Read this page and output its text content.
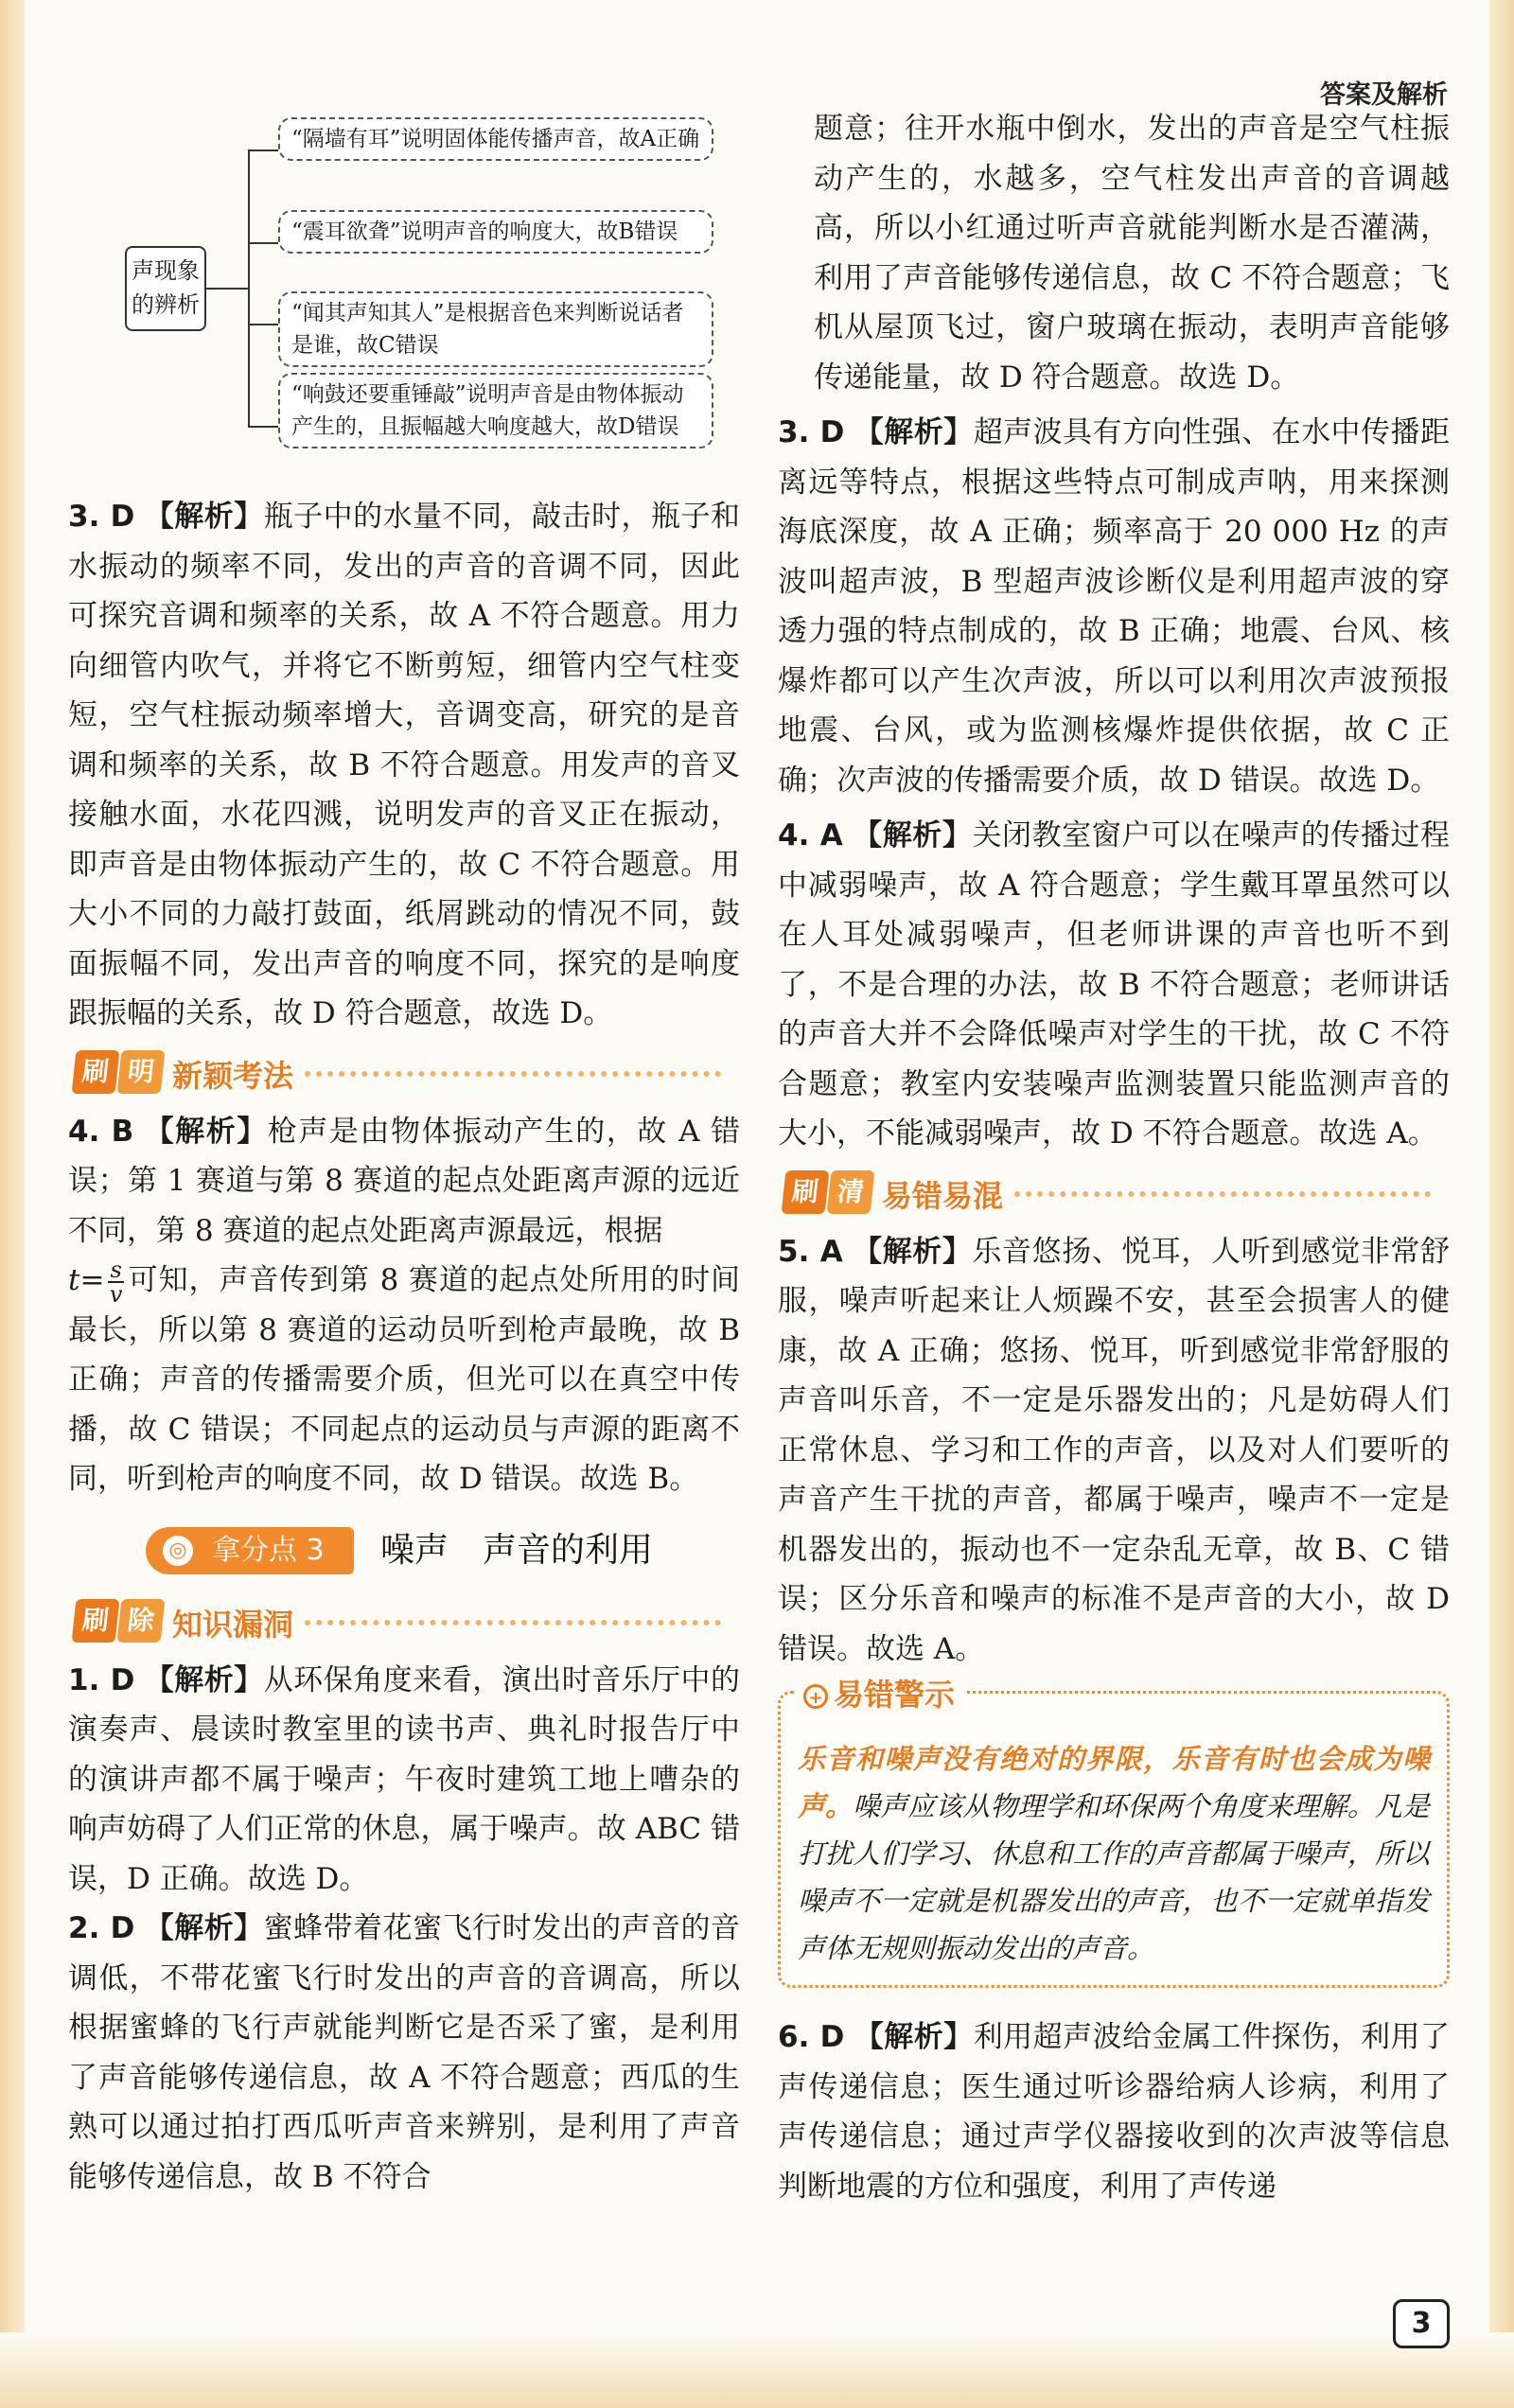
答案及解析
声现象的辨析
“隔墙有耳”说明固体能传播声音，故A正确
“震耳欲聋”说明声音的响度大，故B错误
“闻其声知其人”是根据音色来判断说话者是谁，故C错误
“响鼓还要重锤敲”说明声音是由物体振动产生的，且振幅越大响度越大，故D错误

3. D 【解析】瓶子中的水量不同，敲击时，瓶子和水振动的频率不同，发出的声音的音调不同，因此可探究音调和频率的关系，故 A 不符合题意。用力向细管内吹气，并将它不断剪短，细管内空气柱变短，空气柱振动频率增大，音调变高，研究的是音调和频率的关系，故 B 不符合题意。用发声的音叉接触水面，水花四溅，说明发声的音叉正在振动，即声音是由物体振动产生的，故 C 不符合题意。用大小不同的力敲打鼓面，纸屑跳动的情况不同，鼓面振幅不同，发出声音的响度不同，探究的是响度跟振幅的关系，故 D 符合题意，故选 D。

刷 明 新颖考法

4. B 【解析】枪声是由物体振动产生的，故 A 错误；第 1 赛道与第 8 赛道的起点处距离声源的远近不同，第 8 赛道的起点处距离声源最远，根据
$t= \frac{s}{v}$ 可知，声音传到第 8 赛道的起点处所用的时间最长，所以第 8 赛道的运动员听到枪声最晚，故 B 正确；声音的传播需要介质，但光可以在真空中传播，故 C 错误；不同起点的运动员与声源的距离不同，听到枪声的响度不同，故 D 错误。故选 B。

◎ 拿分点 3	噪声　声音的利用
刷 除 知识漏洞

1. D 【解析】从环保角度来看，演出时音乐厅中的演奏声、晨读时教室里的读书声、典礼时报告厅中的演讲声都不属于噪声；午夜时建筑工地上嘈杂的响声妨碍了人们正常的休息，属于噪声。故 ABC 错误，D 正确。故选 D。

2. D 【解析】蜜蜂带着花蜜飞行时发出的声音的音调低，不带花蜜飞行时发出的声音的音调高，所以根据蜜蜂的飞行声就能判断它是否采了蜜，是利用了声音能够传递信息，故 A 不符合题意；西瓜的生熟可以通过拍打西瓜听声音来辨别，是利用了声音能够传递信息，故 B 不符合

题意；往开水瓶中倒水，发出的声音是空气柱振动产生的，水越多，空气柱发出声音的音调越高，所以小红通过听声音就能判断水是否灌满，利用了声音能够传递信息，故 C 不符合题意；飞机从屋顶飞过，窗户玻璃在振动，表明声音能够传递能量，故 D 符合题意。故选 D。

3. D 【解析】超声波具有方向性强、在水中传播距离远等特点，根据这些特点可制成声呐，用来探测海底深度，故 A 正确；频率高于 20 000 Hz 的声波叫超声波，B 型超声波诊断仪是利用超声波的穿透力强的特点制成的，故 B 正确；地震、台风、核爆炸都可以产生次声波，所以可以利用次声波预报地震、台风，或为监测核爆炸提供依据，故 C 正确；次声波的传播需要介质，故 D 错误。故选 D。

4. A 【解析】关闭教室窗户可以在噪声的传播过程中减弱噪声，故 A 符合题意；学生戴耳罩虽然可以在人耳处减弱噪声，但老师讲课的声音也听不到了，不是合理的办法，故 B 不符合题意；老师讲话的声音大并不会降低噪声对学生的干扰，故 C 不符合题意；教室内安装噪声监测装置只能监测声音的大小，不能减弱噪声，故 D 不符合题意。故选 A。

刷 清 易错易混

5. A 【解析】乐音悠扬、悦耳，人听到感觉非常舒服，噪声听起来让人烦躁不安，甚至会损害人的健康，故 A 正确；悠扬、悦耳，听到感觉非常舒服的声音叫乐音，不一定是乐器发出的；凡是妨碍人们正常休息、学习和工作的声音，以及对人们要听的声音产生干扰的声音，都属于噪声，噪声不一定是机器发出的，振动也不一定杂乱无章，故 B、C 错误；区分乐音和噪声的标准不是声音的大小，故 D 错误。故选 A。

+ 易错警示

乐音和噪声没有绝对的界限，乐音有时也会成为噪声。噪声应该从物理学和环保两个角度来理解。凡是打扰人们学习、休息和工作的声音都属于噪声，所以噪声不一定就是机器发出的声音，也不一定就单指发声体无规则振动发出的声音。

6. D 【解析】利用超声波给金属工件探伤，利用了声传递信息；医生通过听诊器给病人诊病，利用了声传递信息；通过声学仪器接收到的次声波等信息判断地震的方位和强度，利用了声传递

3
